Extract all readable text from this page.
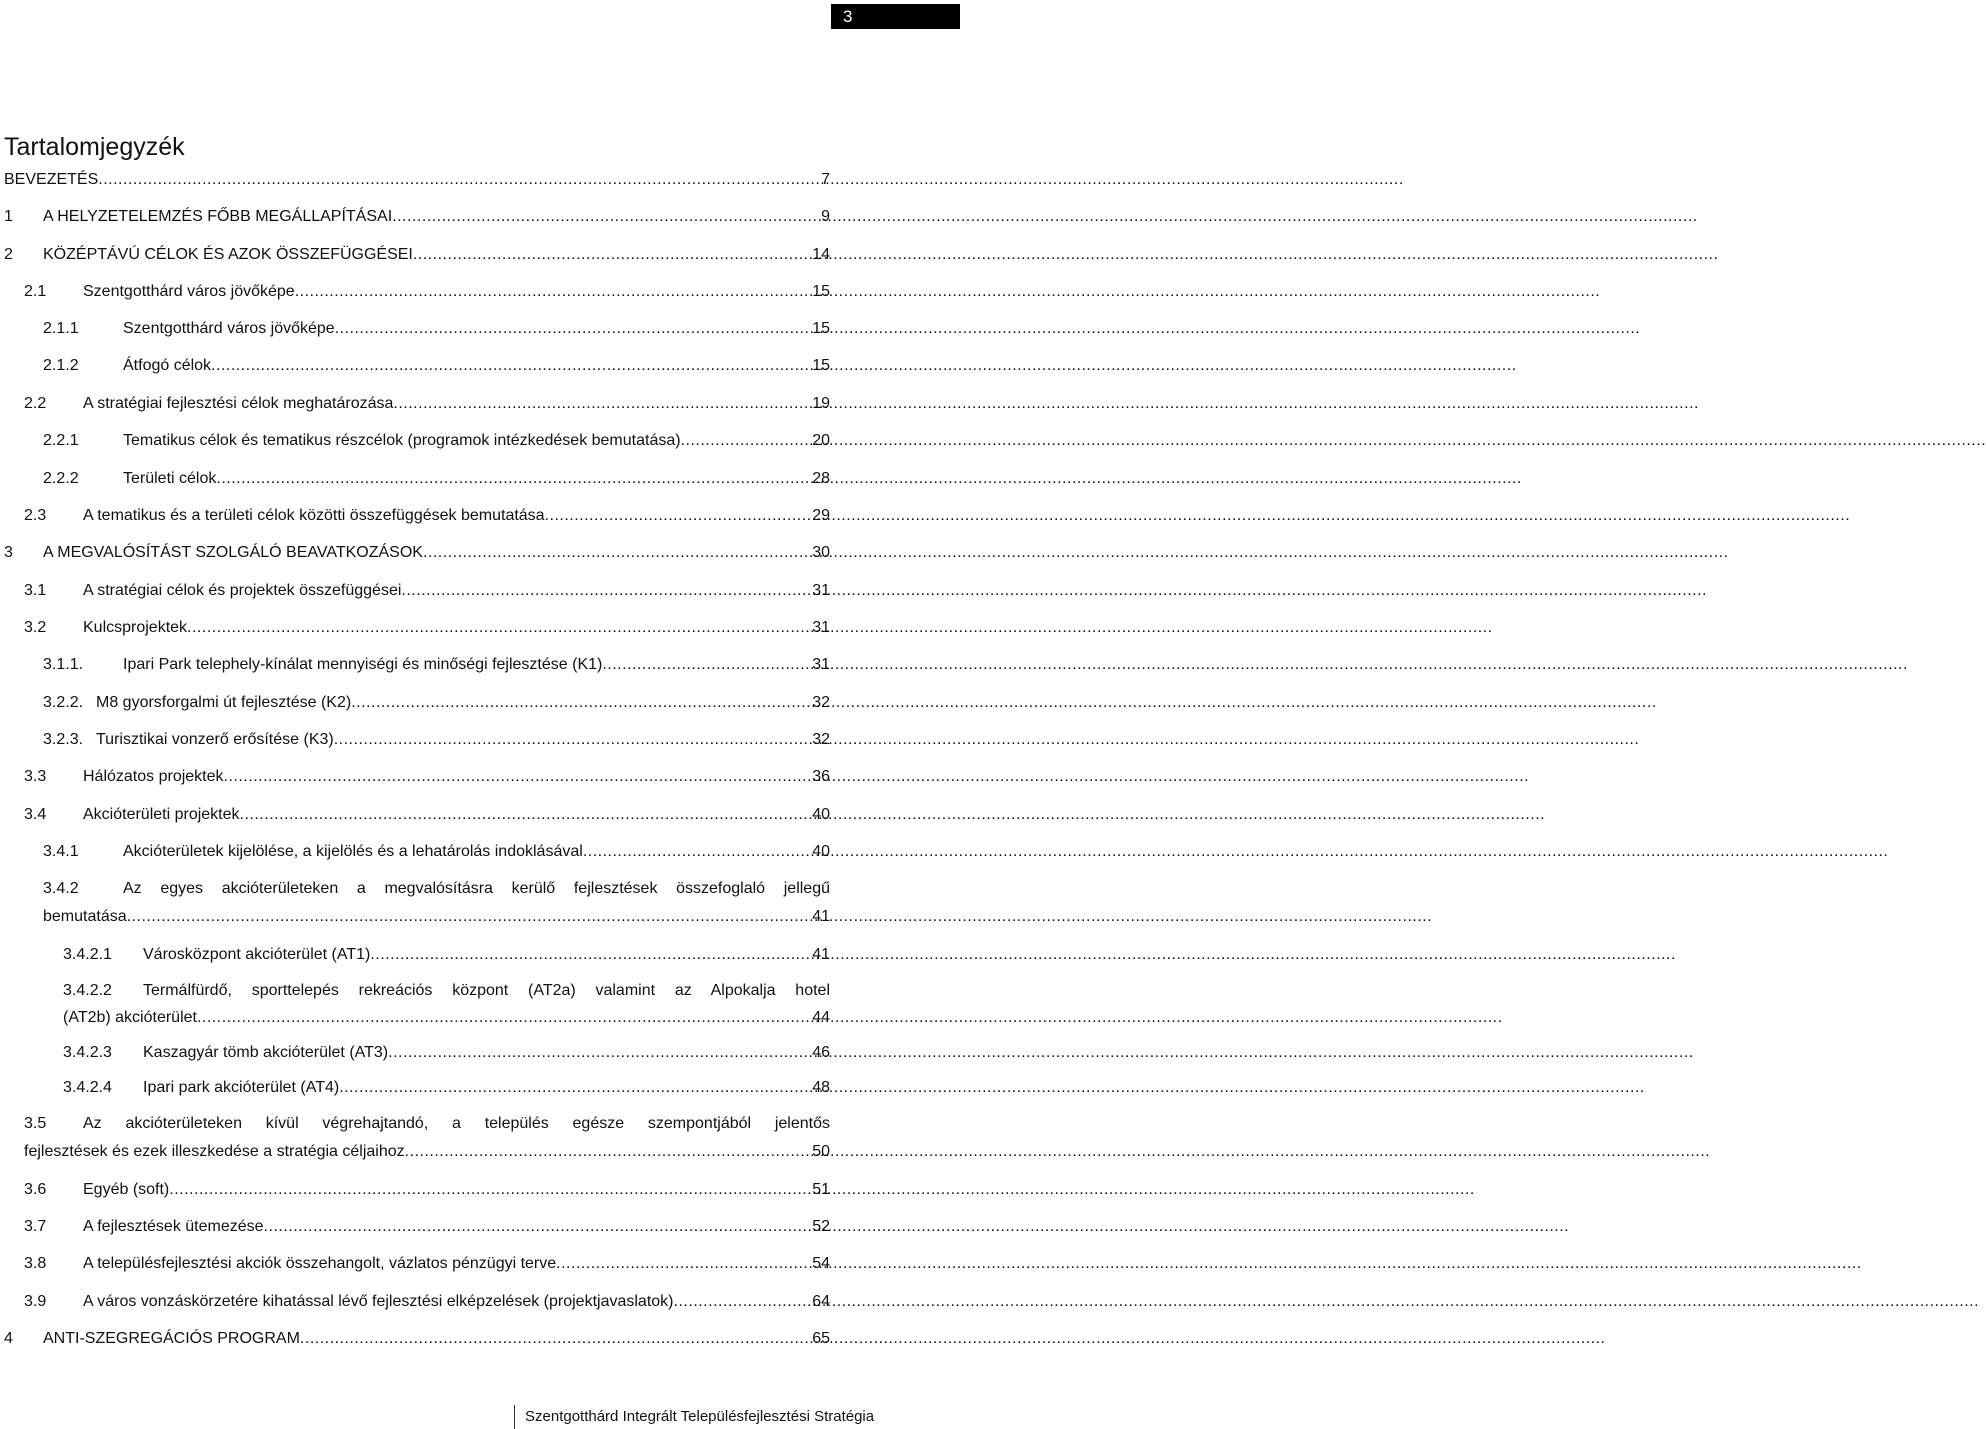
3
Tartalomjegyzék
BEVEZETÉS .....	7
1	A HELYZETELEMZÉS FŐBB MEGÁLLAPÍTÁSAI .....	9
2	KÖZÉPTÁVÚ CÉLOK ÉS AZOK ÖSSZEFÜGGÉSEI .....	14
2.1	Szentgotthárd város jövőképe .....	15
2.1.1	Szentgotthárd város jövőképe .....	15
2.1.2	Átfogó célok .....	15
2.2	A stratégiai fejlesztési célok meghatározása .....	19
2.2.1	Tematikus célok és tematikus részcélok (programok intézkedések bemutatása) .....	20
2.2.2	Területi célok .....	28
2.3	A tematikus és a területi célok közötti összefüggések bemutatása .....	29
3	A MEGVALÓSÍTÁST SZOLGÁLÓ BEAVATKOZÁSOK .....	30
3.1	A stratégiai célok és projektek összefüggései .....	31
3.2	Kulcsprojektek .....	31
3.1.1.	Ipari Park telephely-kínálat mennyiségi és minőségi fejlesztése (K1) .....	31
3.2.2. M8 gyorsforgalmi út fejlesztése (K2) .....	32
3.2.3. Turisztikai vonzerő erősítése (K3) .....	32
3.3	Hálózatos projektek .....	36
3.4	Akcióterületi projektek .....	40
3.4.1	Akcióterületek kijelölése, a kijelölés és a lehatárolás indoklásával .....	40
3.4.2	Az egyes akcióterületeken a megvalósításra kerülő fejlesztések összefoglaló jellegű
bemutatása .....	41
3.4.2.1	Városközpont akcióterület (AT1) .....	41
3.4.2.2	Termálfürdő, sporttelepés rekreációs központ (AT2a) valamint az Alpokalja hotel
(AT2b) akcióterület .....	44
3.4.2.3	Kaszagyár tömb akcióterület (AT3) .....	46
3.4.2.4	Ipari park akcióterület (AT4) .....	48
3.5	Az akcióterületeken kívül végrehajtandó, a település egésze szempontjából jelentős
fejlesztések és ezek illeszkedése a stratégia céljaihoz .....	50
3.6	Egyéb (soft) .....	51
3.7	A fejlesztések ütemezése .....	52
3.8	A településfejlesztési akciók összehangolt, vázlatos pénzügyi terve .....	54
3.9	A város vonzáskörzetére kihatással lévő fejlesztési elképzelések (projektjavaslatok) .....	64
4	ANTI-SZEGREGÁCIÓS PROGRAM .....	65
Szentgotthárd Integrált Településfejlesztési Stratégia
